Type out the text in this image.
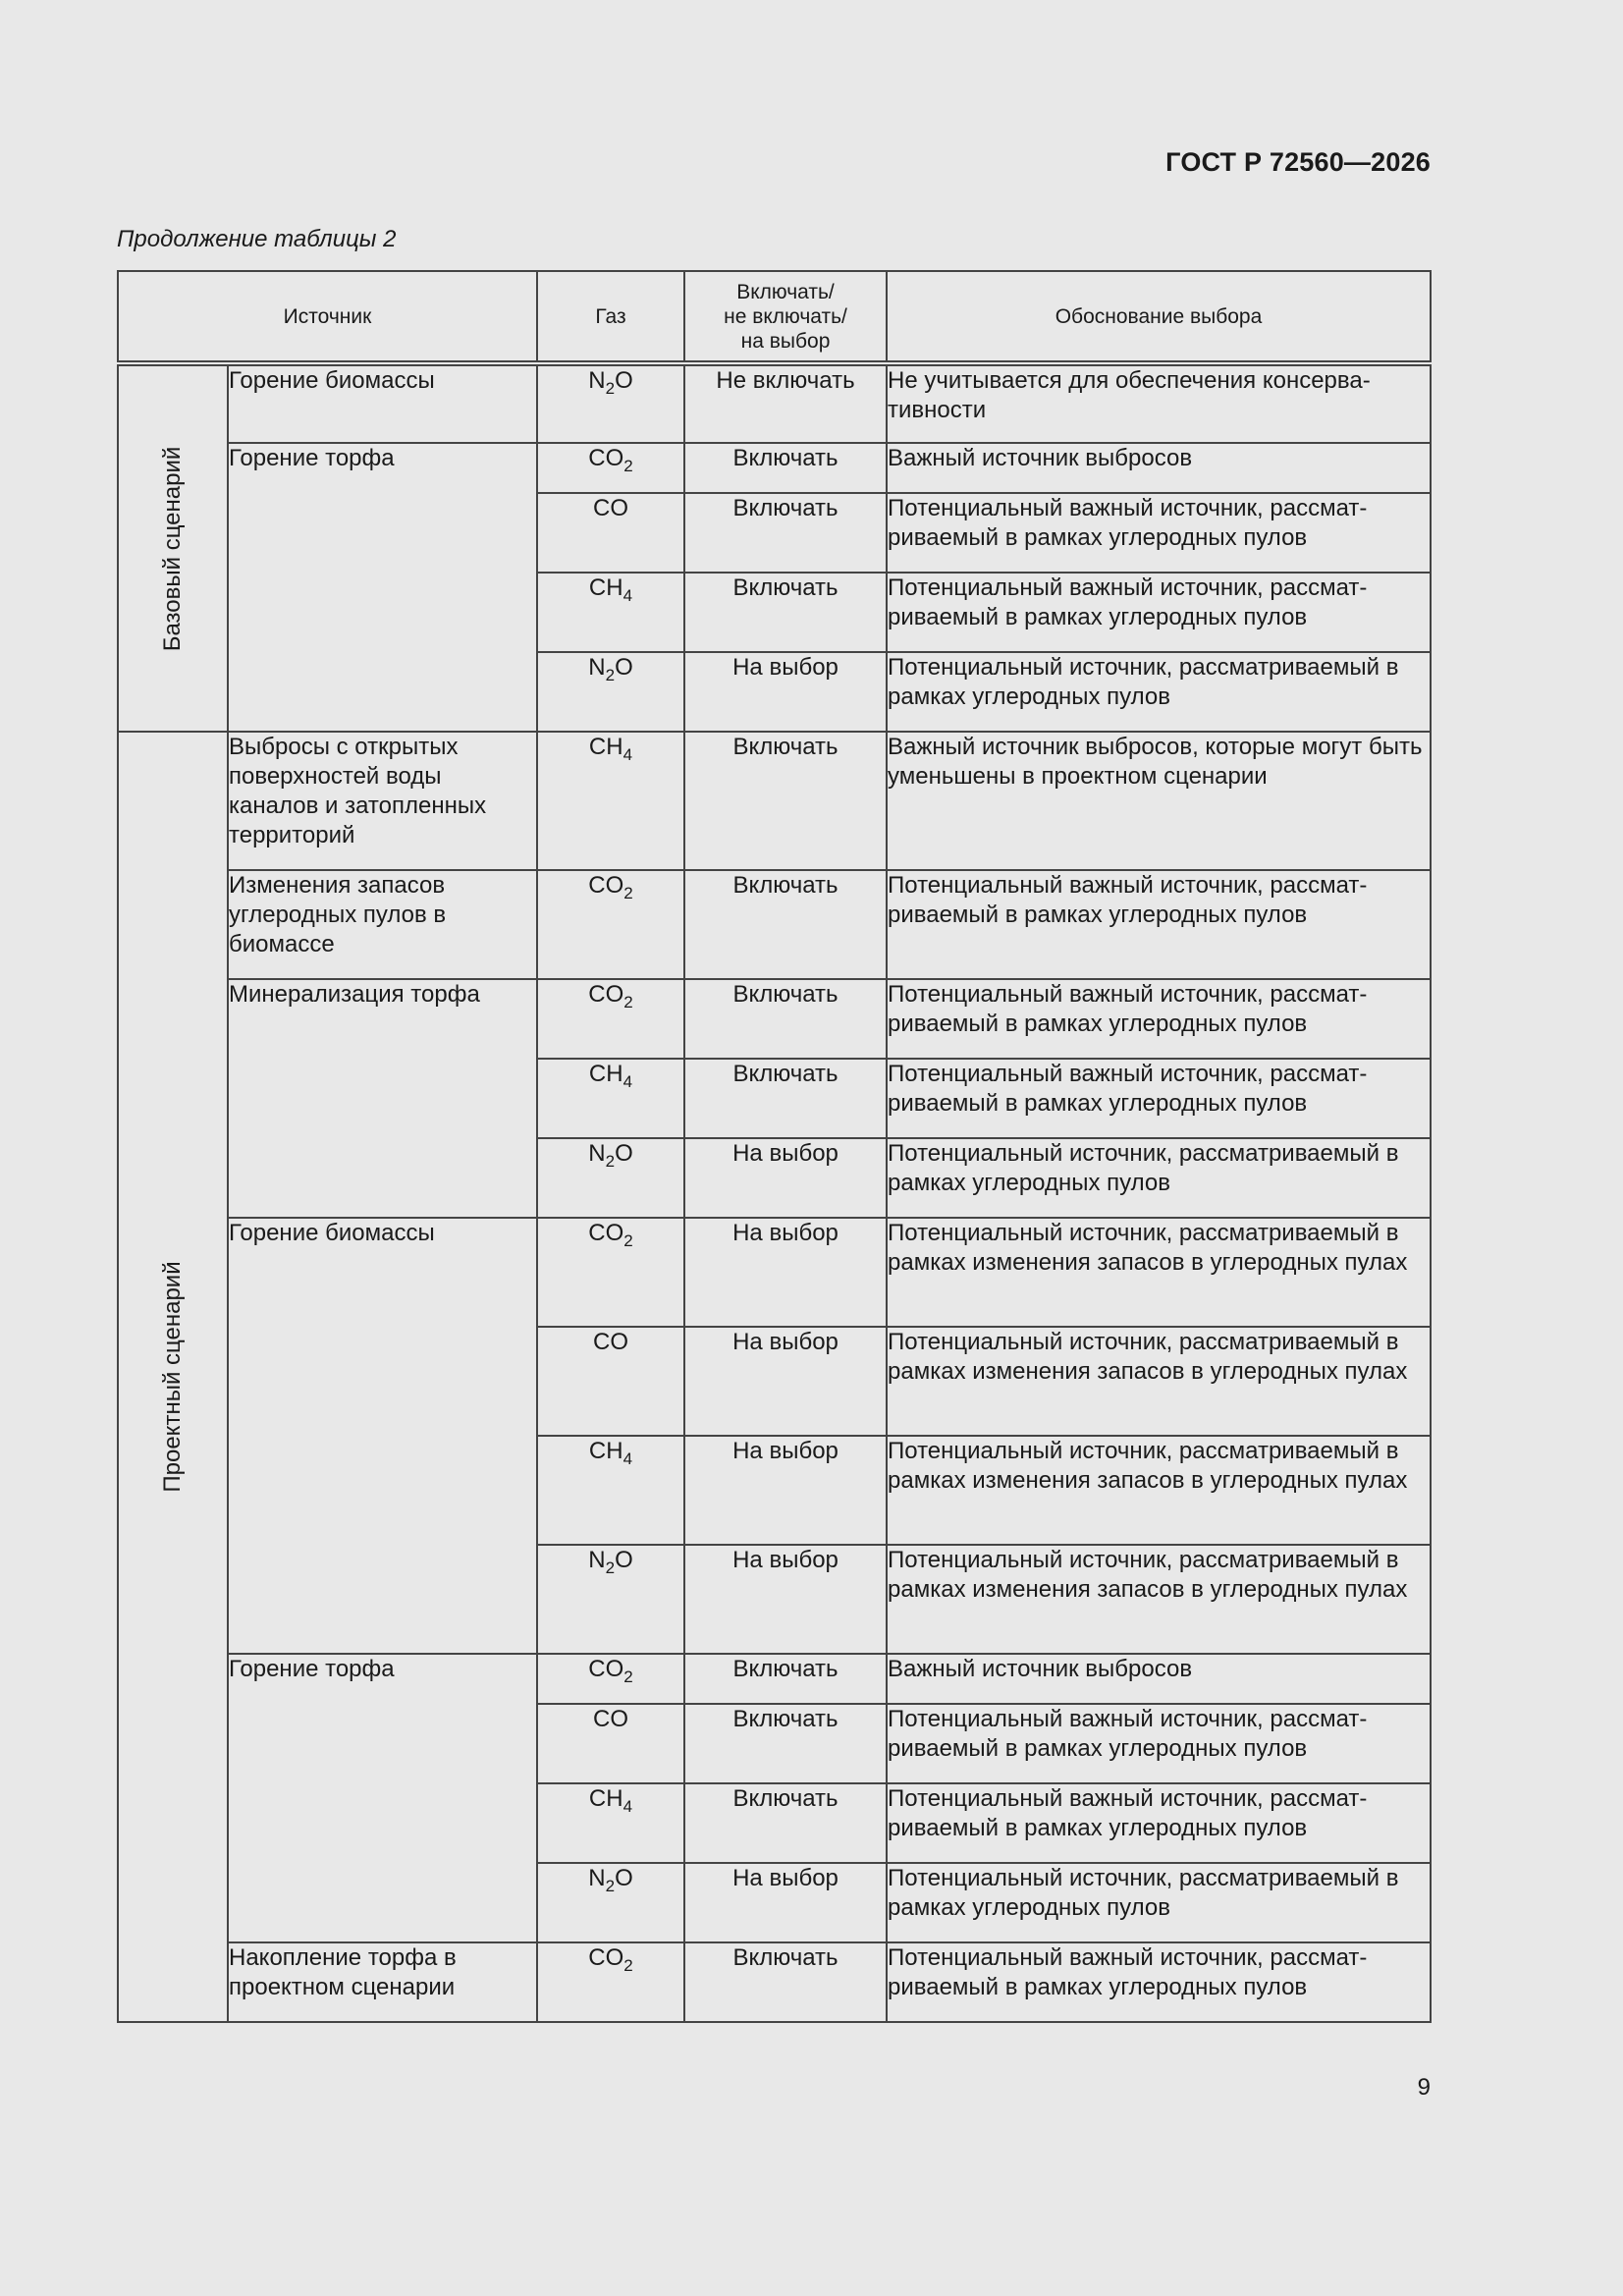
ГОСТ Р 72560—2026
Продолжение таблицы 2
Источник		Газ	Включать/
не включать/
на выбор	Обоснование выбора

Базовый сценарий	Горение биомассы	$N_2O$	Не включать	Не учитывается для обеспечения консерва-тивности
	Горение торфа	$CO_2$	Включать	Важный источник выбросов
		CO	Включать	Потенциальный важный источник, рассмат-риваемый в рамках углеродных пулов
		$CH_4$	Включать	Потенциальный важный источник, рассмат-риваемый в рамках углеродных пулов
		$N_2O$	На выбор	Потенциальный источник, рассматриваемый в рамках углеродных пулов

Проектный сценарий	Выбросы с открытых поверхностей воды каналов и затопленных территорий	$CH_4$	Включать	Важный источник выбросов, которые могут быть уменьшены в проектном сценарии
	Изменения запасов углеродных пулов в биомассе	$CO_2$	Включать	Потенциальный важный источник, рассмат-риваемый в рамках углеродных пулов
	Минерализация торфа	$CO_2$	Включать	Потенциальный важный источник, рассмат-риваемый в рамках углеродных пулов
		$CH_4$	Включать	Потенциальный важный источник, рассмат-риваемый в рамках углеродных пулов
		$N_2O$	На выбор	Потенциальный источник, рассматриваемый в рамках углеродных пулов
	Горение биомассы	$CO_2$	На выбор	Потенциальный источник, рассматриваемый в рамках изменения запасов в углеродных пулах
		CO	На выбор	Потенциальный источник, рассматриваемый в рамках изменения запасов в углеродных пулах
		$CH_4$	На выбор	Потенциальный источник, рассматриваемый в рамках изменения запасов в углеродных пулах
		$N_2O$	На выбор	Потенциальный источник, рассматриваемый в рамках изменения запасов в углеродных пулах
	Горение торфа	$CO_2$	Включать	Важный источник выбросов
		CO	Включать	Потенциальный важный источник, рассмат-риваемый в рамках углеродных пулов
		$CH_4$	Включать	Потенциальный важный источник, рассмат-риваемый в рамках углеродных пулов
		$N_2O$	На выбор	Потенциальный источник, рассматриваемый в рамках углеродных пулов
	Накопление торфа в проектном сценарии	$CO_2$	Включать	Потенциальный важный источник, рассмат-риваемый в рамках углеродных пулов
9
